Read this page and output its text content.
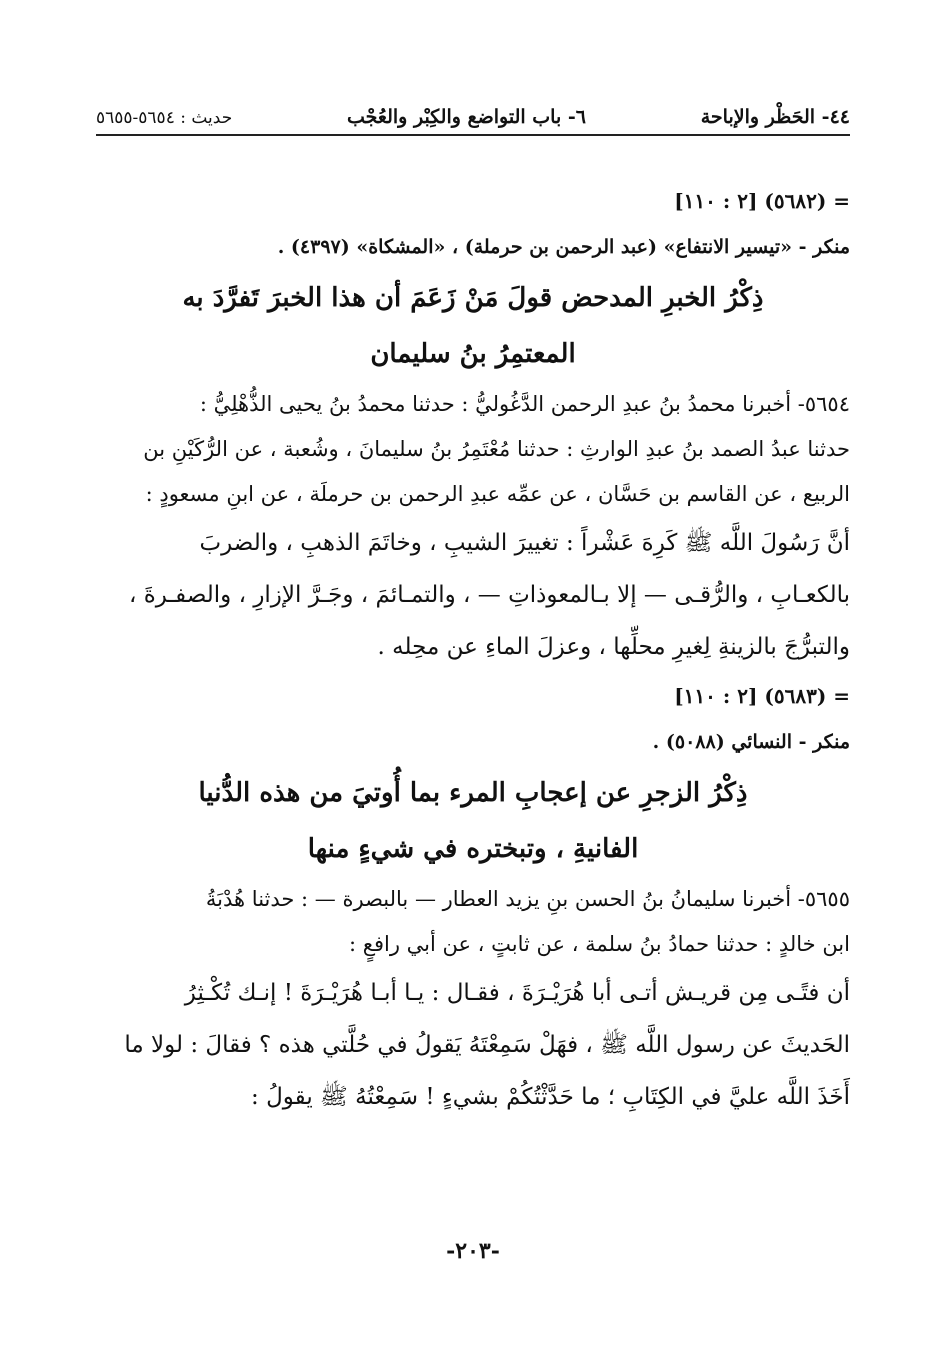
٤٤- الحَظْر والإباحة
٦- باب التواضع والكِبْر والعُجْب
حديث : ٥٦٥٤-٥٦٥٥
= (٥٦٨٢) [٢ : ١١٠]
منكر - «تيسير الانتفاع» (عبد الرحمن بن حرملة) ، «المشكاة» (٤٣٩٧) .
ذِكْرُ الخبرِ المدحض قولَ مَنْ زَعَمَ أن هذا الخبرَ تَفرَّدَ به
المعتمِرُ بنُ سليمان
٥٦٥٤- أخبرنا محمدُ بنُ عبدِ الرحمن الدَّغُوليُّ : حدثنا محمدُ بنُ يحيى الذُّهْلِيُّ :
حدثنا عبدُ الصمد بنُ عبدِ الوارثِ : حدثنا مُعْتَمِرُ بنُ سليمانَ ، وشُعبة ، عن الرُّكَيْنِ بن
الربيع ، عن القاسم بن حَسَّان ، عن عمِّه عبدِ الرحمن بن حرملَة ، عن ابنِ مسعودٍ :
أنَّ رَسُولَ اللَّه ﷺ كَرِهَ عَشْراً : تغييرَ الشيبِ ، وخاتَمَ الذهبِ ، والضربَ
بالكعـابِ ، والرُّقـى — إلا بـالمعوذاتِ — ، والتمـائمَ ، وجَـرَّ الإزارِ ، والصفـرةَ ،
والتبرُّجَ بالزينةِ لِغيرِ محلِّها ، وعزلَ الماءِ عن محِله .
= (٥٦٨٣) [٢ : ١١٠]
منكر - النسائي (٥٠٨٨) .
ذِكْرُ الزجرِ عن إعجابِ المرء بما أُوتيَ من هذه الدُّنيا
الفانيةِ ، وتبختره في شيءٍ منها
٥٦٥٥- أخبرنا سليمانُ بنُ الحسن بنِ يزيد العطار — بالبصرة — : حدثنا هُدْبَةُ
ابن خالدٍ : حدثنا حمادُ بنُ سلمة ، عن ثابتٍ ، عن أبي رافعٍ :
أن فتًـى مِن قريـش أتـى أبا هُرَيْـرَةَ ، فقـال : يـا أبـا هُرَيْـرَةَ ! إنـك تُكْـثِرُ
الحَديثَ عن رسول اللَّه ﷺ ، فهَلْ سَمِعْتَهُ يَقولُ في حُلَّتي هذه ؟ فقالَ : لولا ما
أَخَذَ اللَّه عليَّ في الكِتَابِ ؛ ما حَدَّثْتُكُمْ بشيءٍ ! سَمِعْتُهُ ﷺ يقولُ :
-٢٠٣-
